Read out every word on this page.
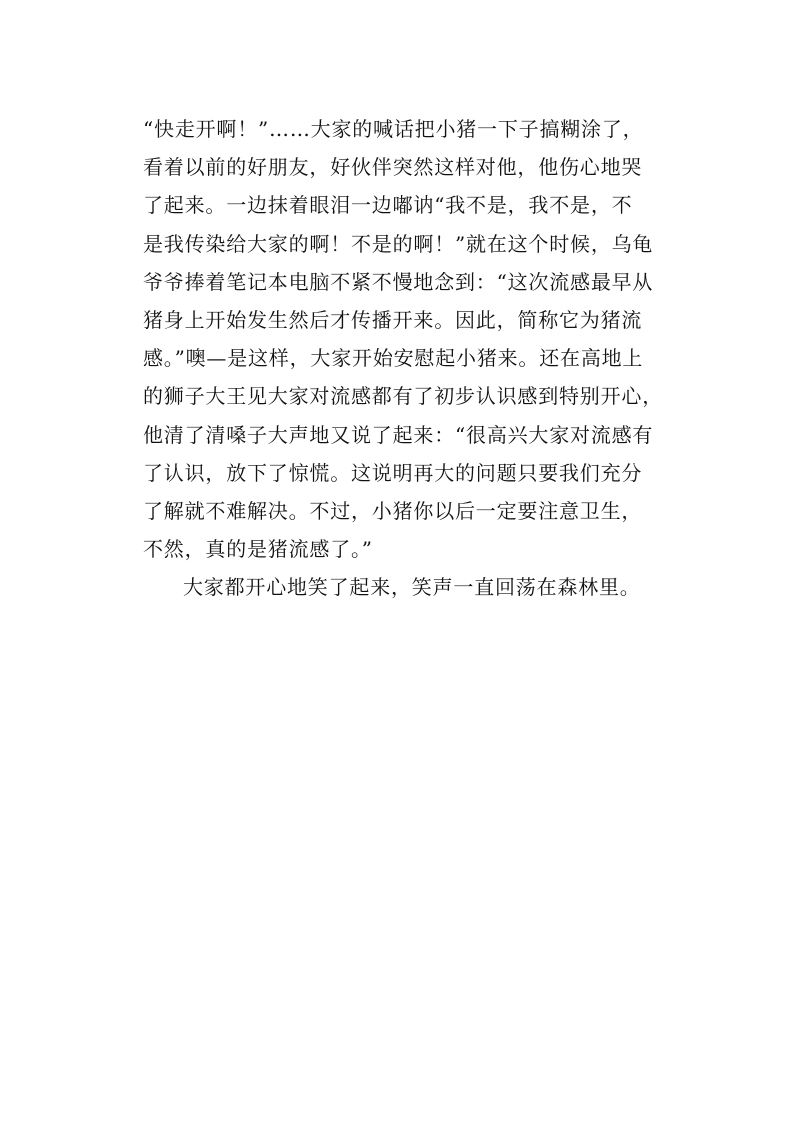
“快走开啊！”……大家的喊话把小猪一下子搞糊涂了，
看着以前的好朋友，好伙伴突然这样对他，他伤心地哭
了起来。一边抹着眼泪一边嘟讷“我不是，我不是，不
是我传染给大家的啊！不是的啊！”就在这个时候，乌龟
爷爷捧着笔记本电脑不紧不慢地念到：“这次流感最早从
猪身上开始发生然后才传播开来。因此，简称它为猪流
感。”噢—是这样，大家开始安慰起小猪来。还在高地上
的狮子大王见大家对流感都有了初步认识感到特别开心，
他清了清嗓子大声地又说了起来：“很高兴大家对流感有
了认识，放下了惊慌。这说明再大的问题只要我们充分
了解就不难解决。不过，小猪你以后一定要注意卫生，
不然，真的是猪流感了。”
大家都开心地笑了起来，笑声一直回荡在森林里。
